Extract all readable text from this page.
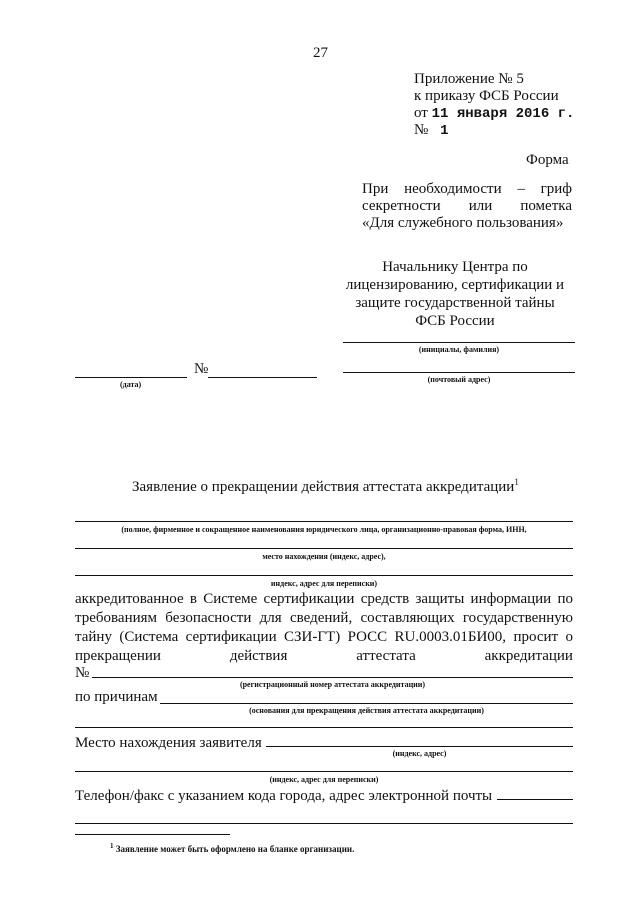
27
Приложение № 5
к приказу ФСБ России
от 11 января 2016 г.
№ 1
Форма
При необходимости – гриф
секретности или пометка
«Для служебного пользования»
Начальнику Центра по
лицензированию, сертификации и
защите государственной тайны
ФСБ России
(инициалы, фамилия)
(дата)
№
(почтовый адрес)
Заявление о прекращении действия аттестата аккредитации$^1$
(полное, фирменное и сокращенное наименования юридического лица, организационно-правовая форма, ИНН,
место нахождения (индекс, адрес),
индекс, адрес для переписки)
аккредитованное в Системе сертификации средств защиты информации по
требованиям безопасности для сведений, составляющих государственную
тайну (Система сертификации СЗИ-ГТ) РОСС RU.0003.01БИ00, просит о
прекращении	действия	аттестата	аккредитации
№
(регистрационный номер аттестата аккредитации)
по причинам
(основания для прекращения действия аттестата аккредитации)
Место нахождения заявителя
(индекс, адрес)
(индекс, адрес для переписки)
Телефон/факс с указанием кода города, адрес электронной почты
$^1$ Заявление может быть оформлено на бланке организации.
